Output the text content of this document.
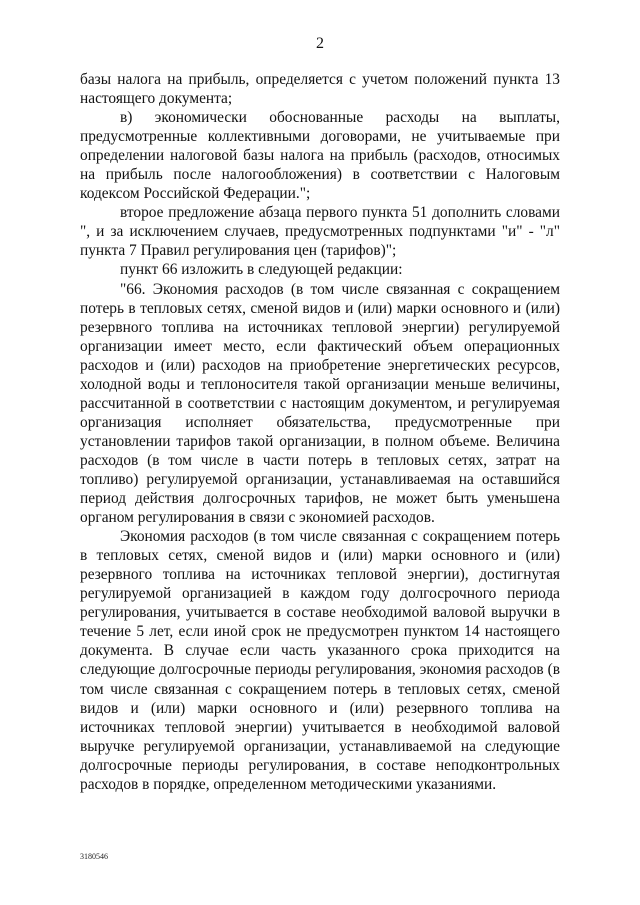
2

базы налога на прибыль, определяется с учетом положений пункта 13 настоящего документа;

в) экономически обоснованные расходы на выплаты, предусмотренные коллективными договорами, не учитываемые при определении налоговой базы налога на прибыль (расходов, относимых на прибыль после налогообложения) в соответствии с Налоговым кодексом Российской Федерации.";

второе предложение абзаца первого пункта 51 дополнить словами ", и за исключением случаев, предусмотренных подпунктами "и" - "л" пункта 7 Правил регулирования цен (тарифов)";

пункт 66 изложить в следующей редакции:

"66. Экономия расходов (в том числе связанная с сокращением потерь в тепловых сетях, сменой видов и (или) марки основного и (или) резервного топлива на источниках тепловой энергии) регулируемой организации имеет место, если фактический объем операционных расходов и (или) расходов на приобретение энергетических ресурсов, холодной воды и теплоносителя такой организации меньше величины, рассчитанной в соответствии с настоящим документом, и регулируемая организация исполняет обязательства, предусмотренные при установлении тарифов такой организации, в полном объеме. Величина расходов (в том числе в части потерь в тепловых сетях, затрат на топливо) регулируемой организации, устанавливаемая на оставшийся период действия долгосрочных тарифов, не может быть уменьшена органом регулирования в связи с экономией расходов.

Экономия расходов (в том числе связанная с сокращением потерь в тепловых сетях, сменой видов и (или) марки основного и (или) резервного топлива на источниках тепловой энергии), достигнутая регулируемой организацией в каждом году долгосрочного периода регулирования, учитывается в составе необходимой валовой выручки в течение 5 лет, если иной срок не предусмотрен пунктом 14 настоящего документа. В случае если часть указанного срока приходится на следующие долгосрочные периоды регулирования, экономия расходов (в том числе связанная с сокращением потерь в тепловых сетях, сменой видов и (или) марки основного и (или) резервного топлива на источниках тепловой энергии) учитывается в необходимой валовой выручке регулируемой организации, устанавливаемой на следующие долгосрочные периоды регулирования, в составе неподконтрольных расходов в порядке, определенном методическими указаниями.

3180546
